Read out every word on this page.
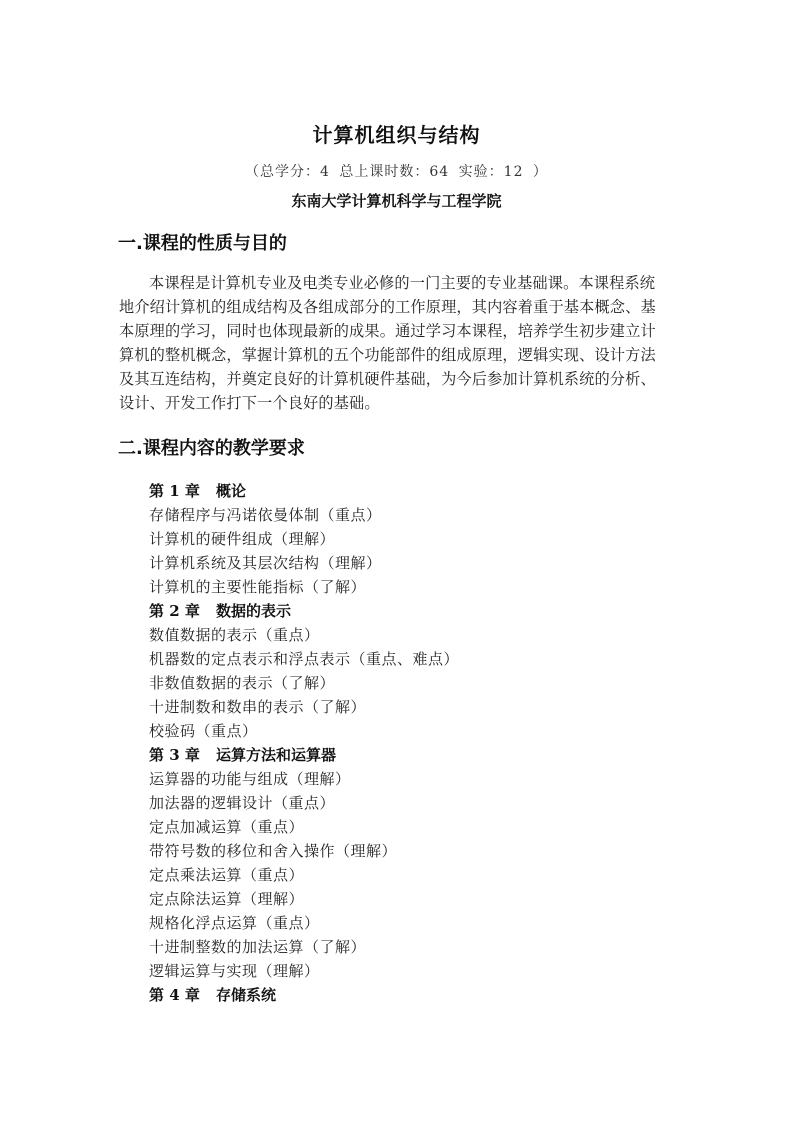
计算机组织与结构
（总学分：4 总上课时数：64 实验：12 ）
东南大学计算机科学与工程学院
一.课程的性质与目的
本课程是计算机专业及电类专业必修的一门主要的专业基础课。本课程系统
地介绍计算机的组成结构及各组成部分的工作原理，其内容着重于基本概念、基
本原理的学习，同时也体现最新的成果。通过学习本课程，培养学生初步建立计
算机的整机概念，掌握计算机的五个功能部件的组成原理，逻辑实现、设计方法
及其互连结构，并奠定良好的计算机硬件基础，为今后参加计算机系统的分析、
设计、开发工作打下一个良好的基础。
二.课程内容的教学要求
第 1 章 概论
存储程序与冯诺依曼体制（重点）
计算机的硬件组成（理解）
计算机系统及其层次结构（理解）
计算机的主要性能指标（了解）
第 2 章 数据的表示
数值数据的表示（重点）
机器数的定点表示和浮点表示（重点、难点）
非数值数据的表示（了解）
十进制数和数串的表示（了解）
校验码（重点）
第 3 章 运算方法和运算器
运算器的功能与组成（理解）
加法器的逻辑设计（重点）
定点加减运算（重点）
带符号数的移位和舍入操作（理解）
定点乘法运算（重点）
定点除法运算（理解）
规格化浮点运算（重点）
十进制整数的加法运算（了解）
逻辑运算与实现（理解）
第 4 章 存储系统
